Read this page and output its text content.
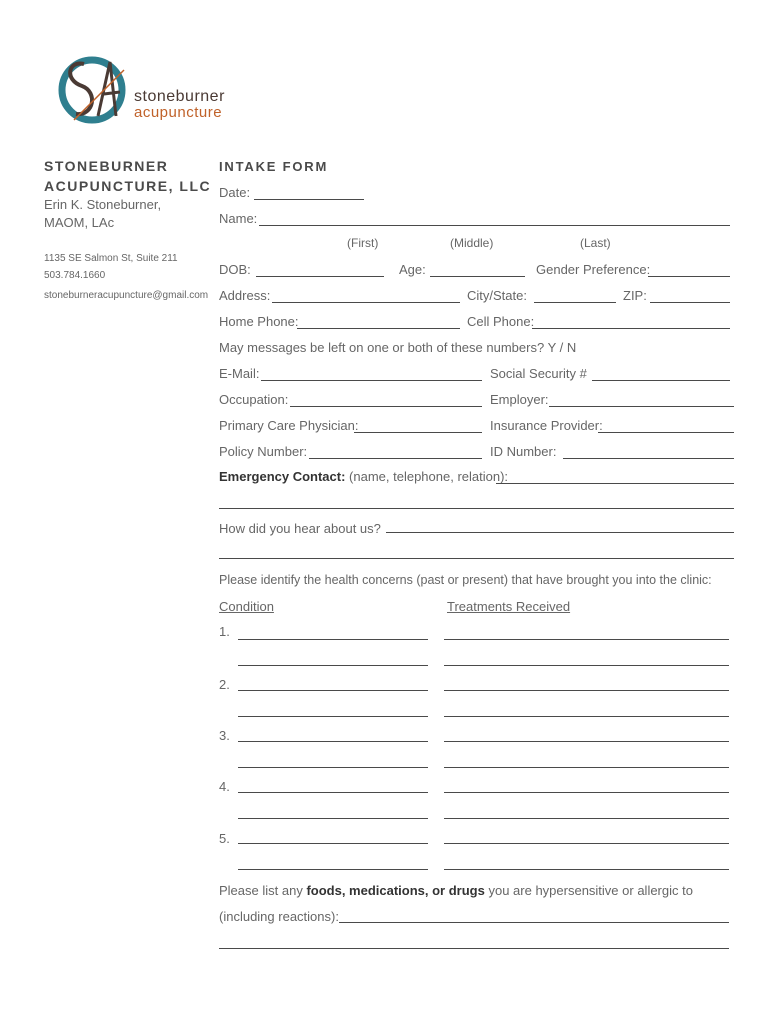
stoneburner
acupuncture
STONEBURNER
ACUPUNCTURE, LLC
Erin K. Stoneburner,
MAOM, LAc
1135 SE Salmon St, Suite 211
503.784.1660
stoneburneracupuncture@gmail.com
INTAKE FORM
Date:
Name:
(First)	(Middle)	(Last)
DOB:	Age:	Gender Preference:
Address:	City/State:	ZIP:
Home Phone:	Cell Phone:
May messages be left on one or both of these numbers? Y / N
E-Mail:	Social Security #
Occupation:	Employer:
Primary Care Physician:	Insurance Provider:
Policy Number:	ID Number:
Emergency Contact: (name, telephone, relation):
How did you hear about us?
Please identify the health concerns (past or present) that have brought you into the clinic:
Condition	Treatments Received
1.
2.
3.
4.
5.
Please list any foods, medications, or drugs you are hypersensitive or allergic to
(including reactions):
